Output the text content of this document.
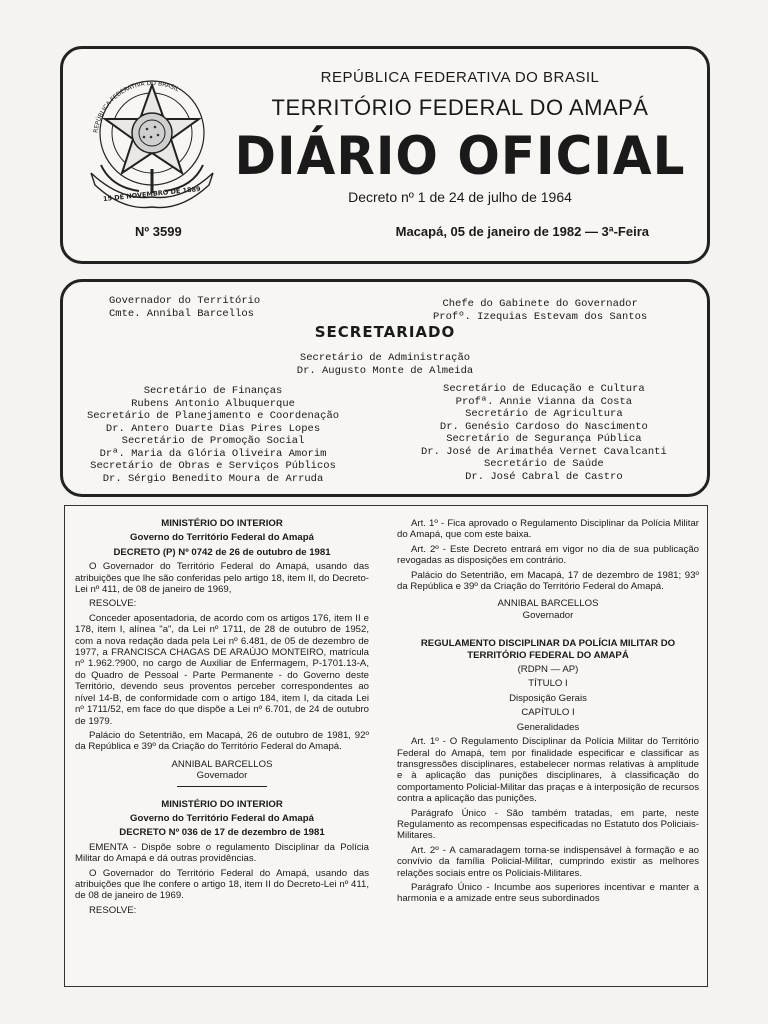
REPÚBLICA FEDERATIVA DO BRASIL
15 DE NOVEMBRO DE 1889
REPÚBLICA FEDERATIVA DO BRASIL
TERRITÓRIO FEDERAL DO AMAPÁ
DIÁRIO OFICIAL
Decreto nº 1 de 24 de julho de 1964
Nº 3599	Macapá, 05 de janeiro de 1982 — 3ª-Feira
Governador do Território
Cmte. Annibal Barcellos
Chefe do Gabinete do Governador
Profº. Izequias Estevam dos Santos
SECRETARIADO
Secretário de Administração
Dr. Augusto Monte de Almeida
Secretário de Finanças
Rubens Antonio Albuquerque
Secretário de Planejamento e Coordenação
Dr. Antero Duarte Dias Pires Lopes
Secretário de Promoção Social
Drª. Maria da Glória Oliveira Amorim
Secretário de Obras e Serviços Públicos
Dr. Sérgio Benedito Moura de Arruda
Secretário de Educação e Cultura
Profª. Annie Vianna da Costa
Secretário de Agricultura
Dr. Genésio Cardoso do Nascimento
Secretário de Segurança Pública
Dr. José de Arimathéa Vernet Cavalcanti
Secretário de Saúde
Dr. José Cabral de Castro

MINISTÉRIO DO INTERIOR

Governo do Território Federal do Amapá

DECRETO (P) Nº 0742 de 26 de outubro de 1981

O Governador do Território Federal do Amapá, usando das atribuições que lhe são conferidas pelo artigo 18, item II, do Decreto-Lei nº 411, de 08 de janeiro de 1969,

RESOLVE:

Conceder aposentadoria, de acordo com os artigos 176, item II e 178, item I, alínea "a", da Lei nº 1711, de 28 de outubro de 1952, com a nova redação dada pela Lei nº 6.481, de 05 de dezembro de 1977, a FRANCISCA CHAGAS DE ARAÚJO MONTEIRO, matrícula nº 1.962.?900, no cargo de Auxiliar de Enfermagem, P-1701.13-A, do Quadro de Pessoal - Parte Permanente - do Governo deste Território, devendo seus proventos perceber correspondentes ao nível 14-B, de conformidade com o artigo 184, item I, da citada Lei nº 1711/52, em face do que dispõe a Lei nº 6.701, de 24 de outubro de 1979.

Palácio do Setentrião, em Macapá, 26 de outubro de 1981, 92º da República e 39º da Criação do Território Federal do Amapá.

ANNIBAL BARCELLOS

Governador

MINISTÉRIO DO INTERIOR

Governo do Território Federal do Amapá

DECRETO Nº 036 de 17 de dezembro de 1981

EMENTA - Dispõe sobre o regulamento Disciplinar da Polícia Militar do Amapá e dá outras providências.

O Governador do Território Federal do Amapá, usando das atribuições que lhe confere o artigo 18, item II do Decreto-Lei nº 411, de 08 de janeiro de 1969.

RESOLVE:

Art. 1º - Fica aprovado o Regulamento Disciplinar da Polícia Militar do Amapá, que com este baixa.

Art. 2º - Este Decreto entrará em vigor no dia de sua publicação revogadas as disposições em contrário.

Palácio do Setentrião, em Macapá, 17 de dezembro de 1981; 93º da República e 39º da Criação do Território Federal do Amapá.

ANNIBAL BARCELLOS

Governador

REGULAMENTO DISCIPLINAR DA POLÍCIA MILITAR DO TERRITÓRIO FEDERAL DO AMAPÁ

(RDPN — AP)

TÍTULO I

Disposição Gerais

CAPÍTULO I

Generalidades

Art. 1º - O Regulamento Disciplinar da Polícia Militar do Território Federal do Amapá, tem por finalidade especificar e classificar as transgressões disciplinares, estabelecer normas relativas à amplitude e à aplicação das punições disciplinares, à classificação do comportamento Policial-Militar das praças e à interposição de recursos contra a aplicação das punições.

Parágrafo Único - São também tratadas, em parte, neste Regulamento as recompensas especificadas no Estatuto dos Policiais-Militares.

Art. 2º - A camaradagem torna-se indispensável à formação e ao convívio da família Policial-Militar, cumprindo existir as melhores relações sociais entre os Policiais-Militares.

Parágrafo Único - Incumbe aos superiores incentivar e manter a harmonia e a amizade entre seus subordinados
